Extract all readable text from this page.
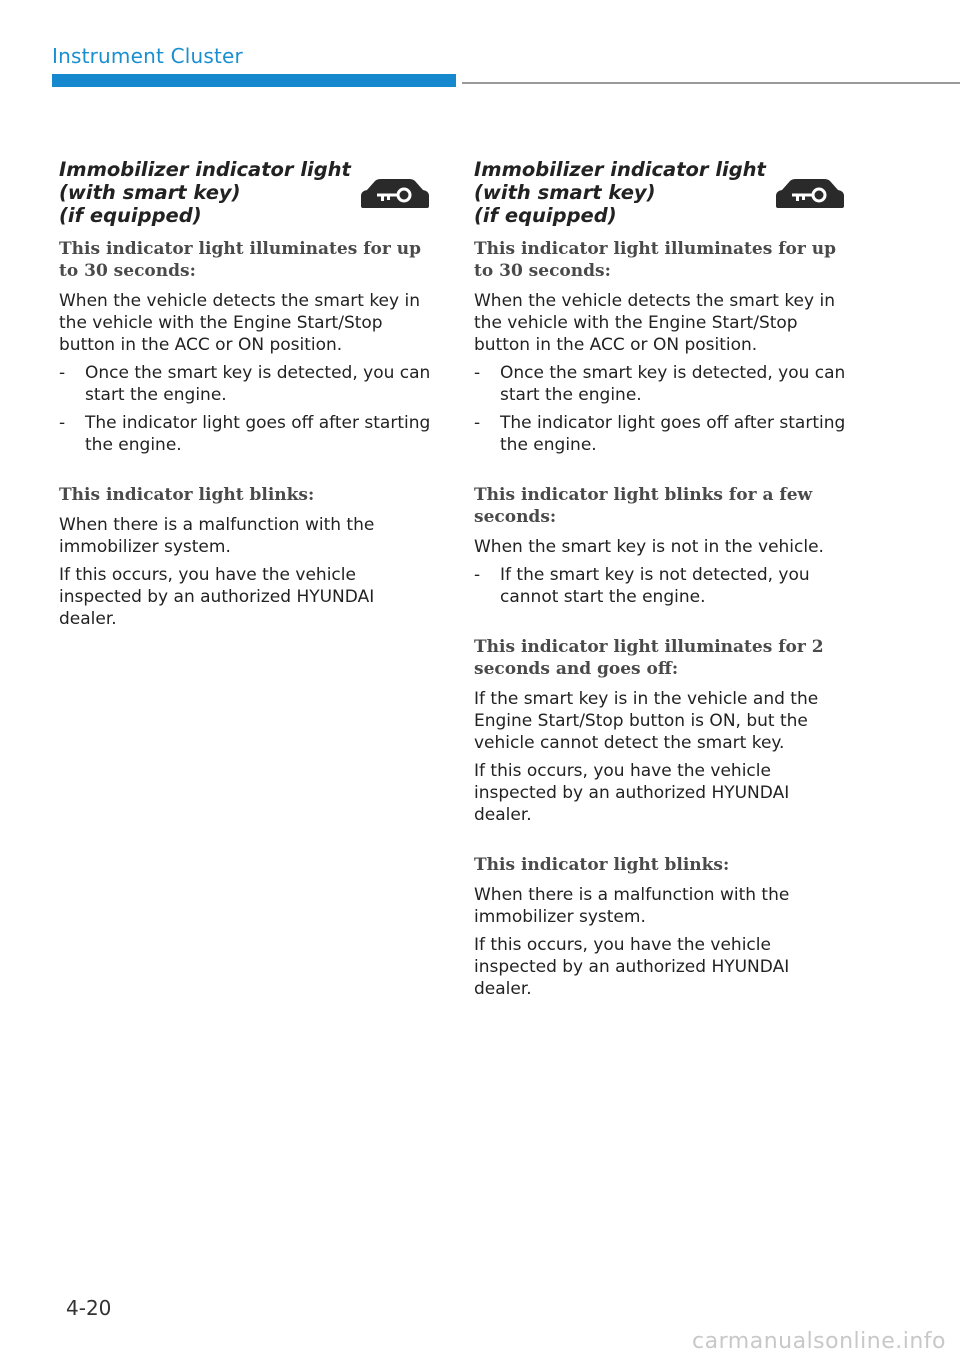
Instrument Cluster

Immobilizer indicator light
(with smart key)
(if equipped)

This indicator light illuminates for up to 30 seconds:

When the vehicle detects the smart key in the vehicle with the Engine Start/Stop button in the ACC or ON position.

- Once the smart key is detected, you can start the engine.
- The indicator light goes off after starting the engine.

This indicator light blinks:

When there is a malfunction with the immobilizer system.

If this occurs, you have the vehicle inspected by an authorized HYUNDAI dealer.

Immobilizer indicator light
(with smart key)
(if equipped)

This indicator light illuminates for up to 30 seconds:

When the vehicle detects the smart key in the vehicle with the Engine Start/Stop button in the ACC or ON position.

- Once the smart key is detected, you can start the engine.
- The indicator light goes off after starting the engine.

This indicator light blinks for a few seconds:

When the smart key is not in the vehicle.

- If the smart key is not detected, you cannot start the engine.

This indicator light illuminates for 2 seconds and goes off:

If the smart key is in the vehicle and the Engine Start/Stop button is ON, but the vehicle cannot detect the smart key.

If this occurs, you have the vehicle inspected by an authorized HYUNDAI dealer.

This indicator light blinks:

When there is a malfunction with the immobilizer system.

If this occurs, you have the vehicle inspected by an authorized HYUNDAI dealer.

4-20
carmanualsonline.info
